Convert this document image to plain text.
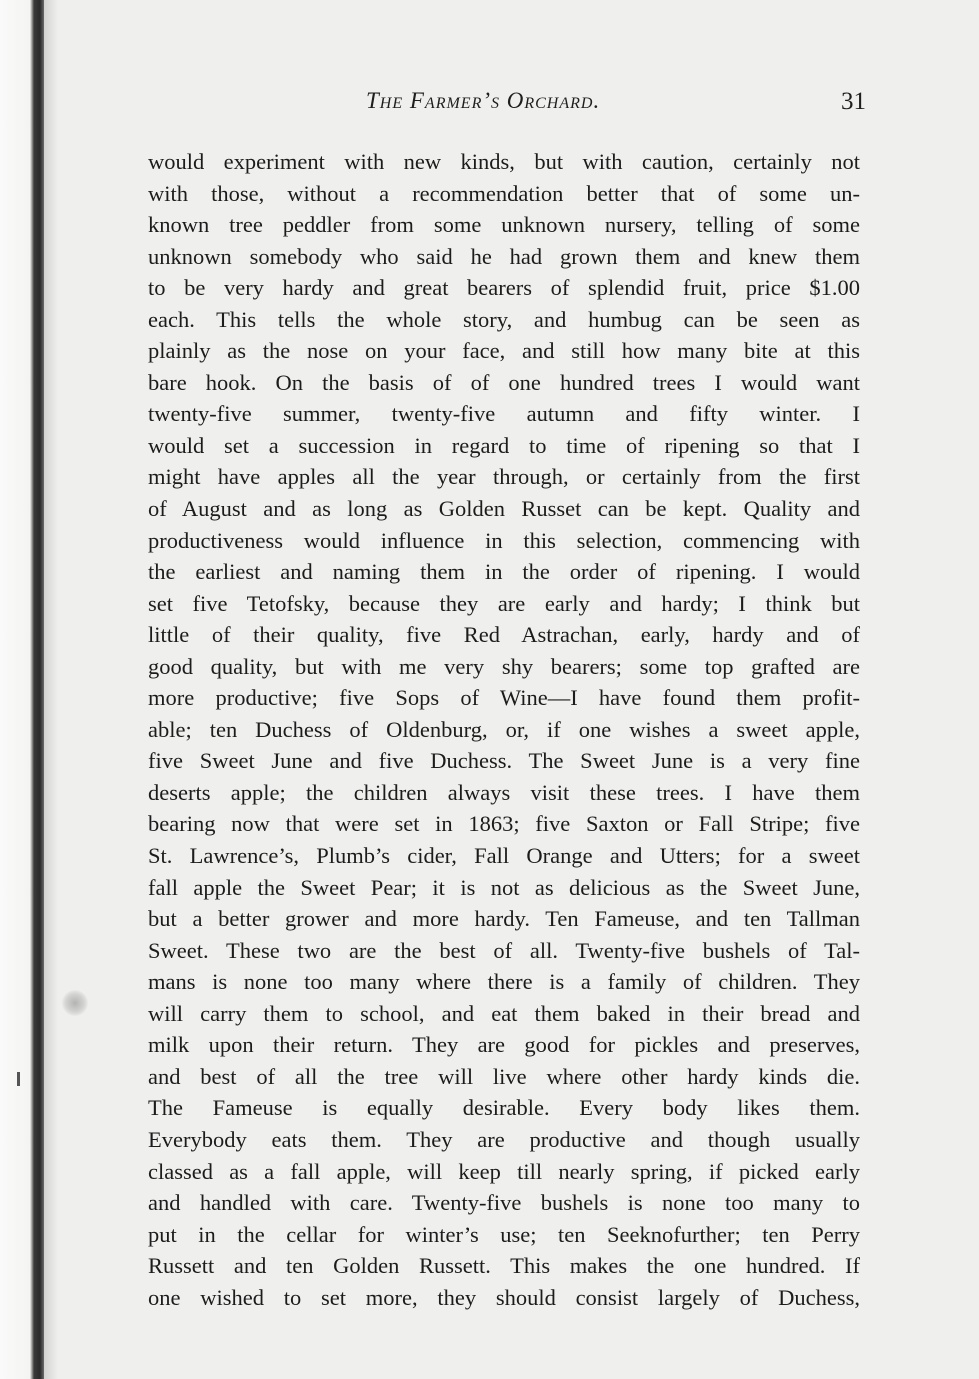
The Farmer’s Orchard.	31
would experiment with new kinds, but with caution, certainly not
with those, without a recommendation better that of some un-
known tree peddler from some unknown nursery, telling of some
unknown somebody who said he had grown them and knew them
to be very hardy and great bearers of splendid fruit, price $1.00
each. This tells the whole story, and humbug can be seen as
plainly as the nose on your face, and still how many bite at this
bare hook. On the basis of of one hundred trees I would want
twenty-five summer, twenty-five autumn and fifty winter. I
would set a succession in regard to time of ripening so that I
might have apples all the year through, or certainly from the first
of August and as long as Golden Russet can be kept. Quality and
productiveness would influence in this selection, commencing with
the earliest and naming them in the order of ripening. I would
set five Tetofsky, because they are early and hardy; I think but
little of their quality, five Red Astrachan, early, hardy and of
good quality, but with me very shy bearers; some top grafted are
more productive; five Sops of Wine—I have found them profit-
able; ten Duchess of Oldenburg, or, if one wishes a sweet apple,
five Sweet June and five Duchess. The Sweet June is a very fine
deserts apple; the children always visit these trees. I have them
bearing now that were set in 1863; five Saxton or Fall Stripe; five
St. Lawrence’s, Plumb’s cider, Fall Orange and Utters; for a sweet
fall apple the Sweet Pear; it is not as delicious as the Sweet June,
but a better grower and more hardy. Ten Fameuse, and ten Tallman
Sweet. These two are the best of all. Twenty-five bushels of Tal-
mans is none too many where there is a family of children. They
will carry them to school, and eat them baked in their bread and
milk upon their return. They are good for pickles and preserves,
and best of all the tree will live where other hardy kinds die.
The Fameuse is equally desirable. Every body likes them.
Everybody eats them. They are productive and though usually
classed as a fall apple, will keep till nearly spring, if picked early
and handled with care. Twenty-five bushels is none too many to
put in the cellar for winter’s use; ten Seeknofurther; ten Perry
Russett and ten Golden Russett. This makes the one hundred. If
one wished to set more, they should consist largely of Duchess,
